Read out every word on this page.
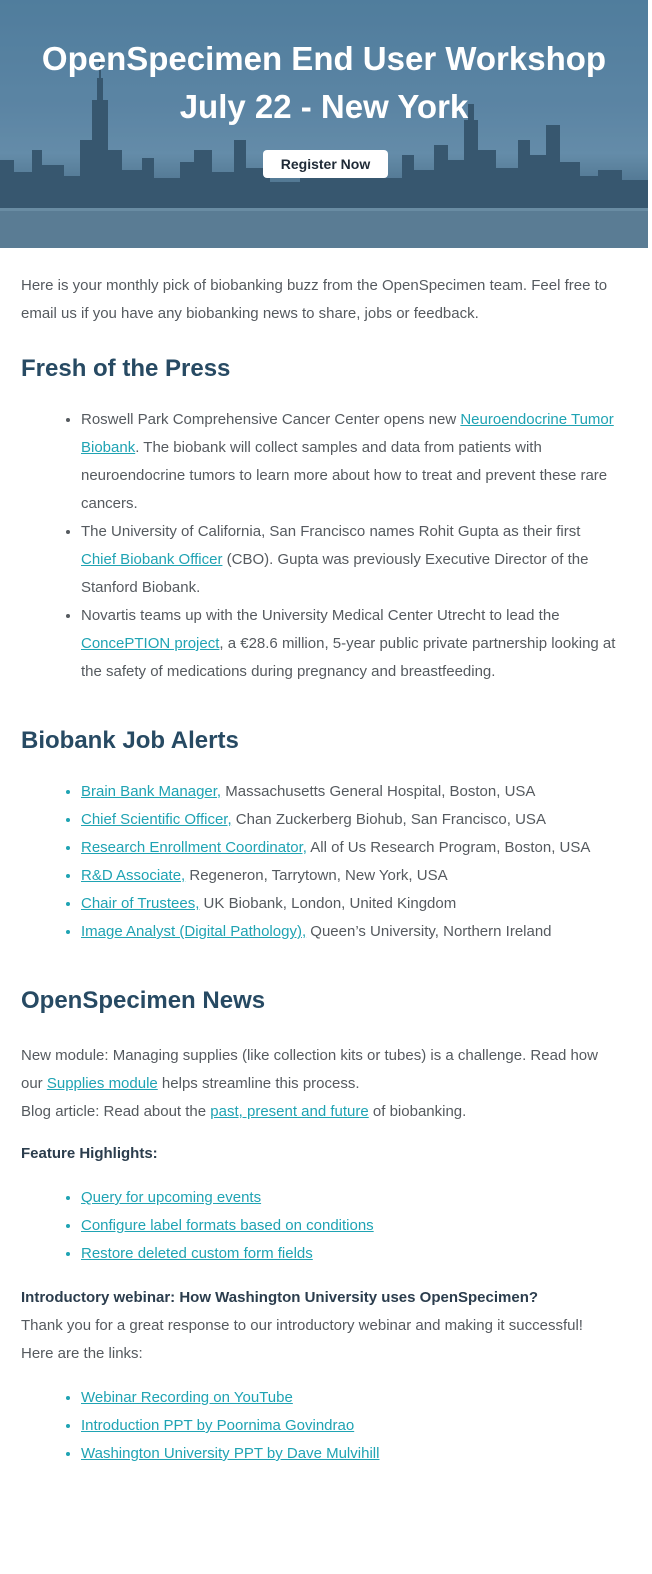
OpenSpecimen End User Workshop
July 22 - New York
Register Now

Here is your monthly pick of biobanking buzz from the OpenSpecimen team. Feel free to email us if you have any biobanking news to share, jobs or feedback.

Fresh of the Press
• Roswell Park Comprehensive Cancer Center opens new Neuroendocrine Tumor Biobank. The biobank will collect samples and data from patients with neuroendocrine tumors to learn more about how to treat and prevent these rare cancers.
• The University of California, San Francisco names Rohit Gupta as their first Chief Biobank Officer (CBO). Gupta was previously Executive Director of the Stanford Biobank.
• Novartis teams up with the University Medical Center Utrecht to lead the ConcePTION project, a €28.6 million, 5-year public private partnership looking at the safety of medications during pregnancy and breastfeeding.
Biobank Job Alerts
• Brain Bank Manager, Massachusetts General Hospital, Boston, USA
• Chief Scientific Officer, Chan Zuckerberg Biohub, San Francisco, USA
• Research Enrollment Coordinator, All of Us Research Program, Boston, USA
• R&D Associate, Regeneron, Tarrytown, New York, USA
• Chair of Trustees, UK Biobank, London, United Kingdom
• Image Analyst (Digital Pathology), Queen’s University, Northern Ireland
OpenSpecimen News

New module: Managing supplies (like collection kits or tubes) is a challenge. Read how our Supplies module helps streamline this process.

Blog article: Read about the past, present and future of biobanking.

Feature Highlights:
• Query for upcoming events
• Configure label formats based on conditions
• Restore deleted custom form fields
Introductory webinar: How Washington University uses OpenSpecimen?

Thank you for a great response to our introductory webinar and making it successful!

Here are the links:

• Webinar Recording on YouTube
• Introduction PPT by Poornima Govindrao
• Washington University PPT by Dave Mulvihill
